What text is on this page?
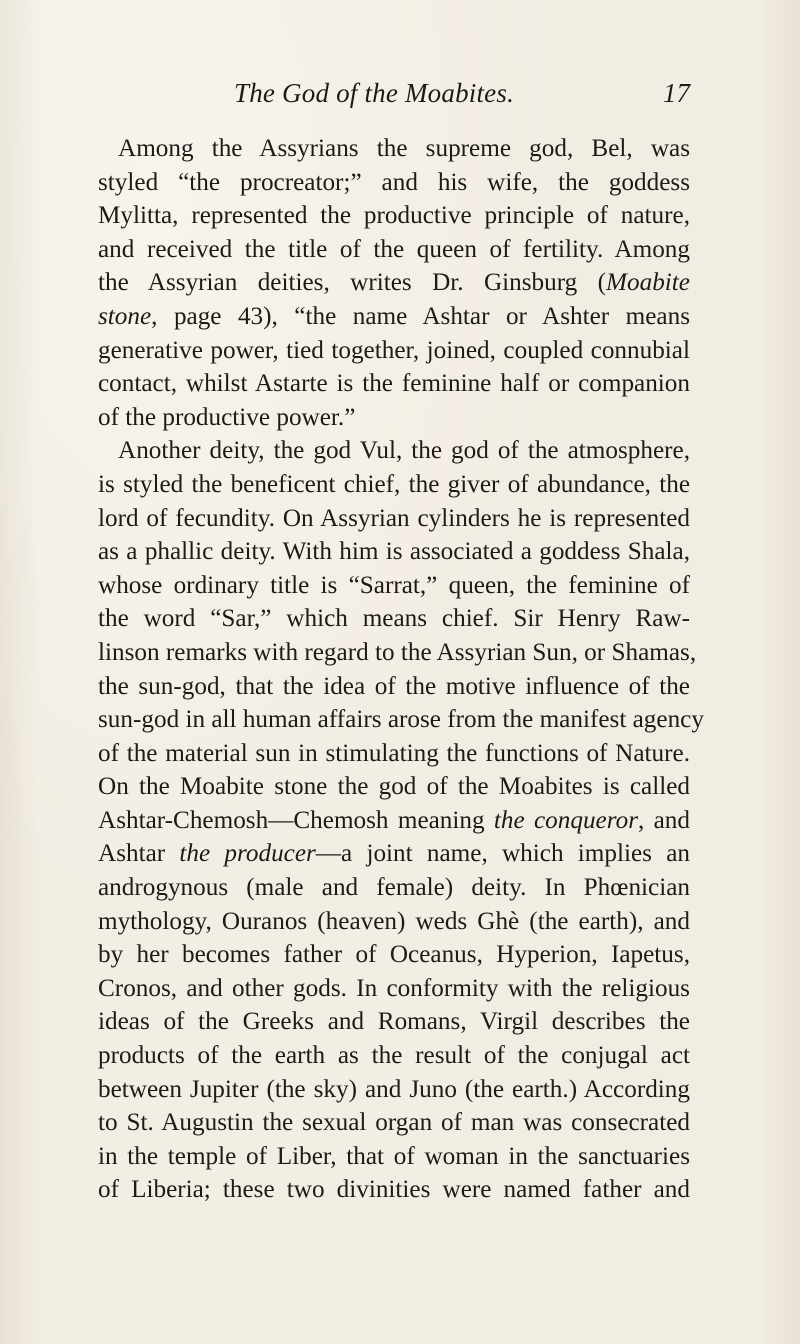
The God of the Moabites.	17
Among the Assyrians the supreme god, Bel, was
styled “the procreator;” and his wife, the goddess
Mylitta, represented the productive principle of nature,
and received the title of the queen of fertility. Among
the Assyrian deities, writes Dr. Ginsburg (Moabite
stone, page 43), “the name Ashtar or Ashter means
generative power, tied together, joined, coupled connubial
contact, whilst Astarte is the feminine half or companion
of the productive power.”
Another deity, the god Vul, the god of the atmosphere,
is styled the beneficent chief, the giver of abundance, the
lord of fecundity. On Assyrian cylinders he is represented
as a phallic deity. With him is associated a goddess Shala,
whose ordinary title is “Sarrat,” queen, the feminine of
the word “Sar,” which means chief. Sir Henry Raw-
linson remarks with regard to the Assyrian Sun, or Shamas,
the sun-god, that the idea of the motive influence of the
sun-god in all human affairs arose from the manifest agency
of the material sun in stimulating the functions of Nature.
On the Moabite stone the god of the Moabites is called
Ashtar-Chemosh—Chemosh meaning the conqueror, and
Ashtar the producer—a joint name, which implies an
androgynous (male and female) deity. In Phœnician
mythology, Ouranos (heaven) weds Ghè (the earth), and
by her becomes father of Oceanus, Hyperion, Iapetus,
Cronos, and other gods. In conformity with the religious
ideas of the Greeks and Romans, Virgil describes the
products of the earth as the result of the conjugal act
between Jupiter (the sky) and Juno (the earth.) According
to St. Augustin the sexual organ of man was consecrated
in the temple of Liber, that of woman in the sanctuaries
of Liberia; these two divinities were named father and
